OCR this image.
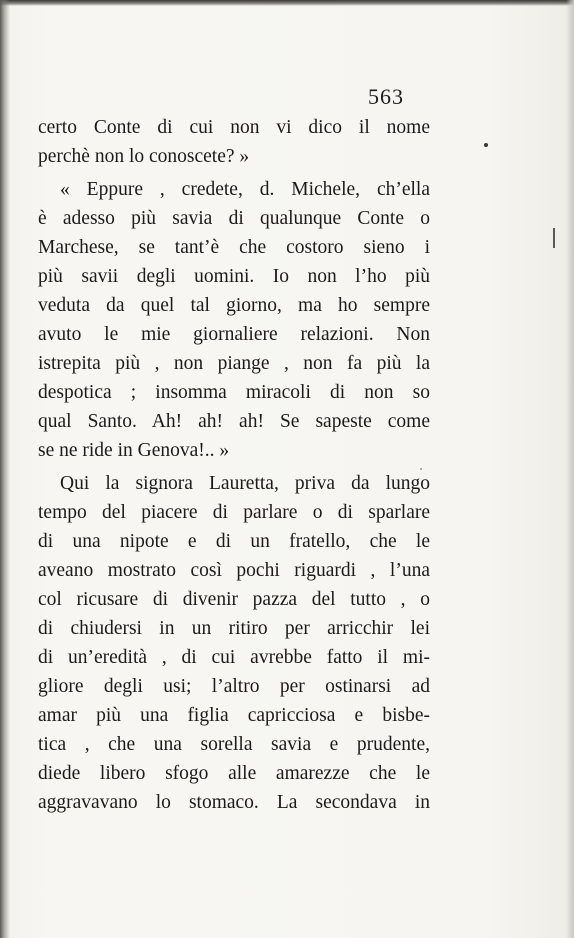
563
certo Conte di cui non vi dico il nome
perchè non lo conoscete? »
« Eppure , credete, d. Michele, ch’ella
è adesso più savia di qualunque Conte o
Marchese, se tant’è che costoro sieno i
più savii degli uomini. Io non l’ho più
veduta da quel tal giorno, ma ho sempre
avuto le mie giornaliere relazioni. Non
istrepita più , non piange , non fa più la
despotica ; insomma miracoli di non so
qual Santo. Ah! ah! ah! Se sapeste come
se ne ride in Genova!.. »
Qui la signora Lauretta, priva da lungo
tempo del piacere di parlare o di sparlare
di una nipote e di un fratello, che le
aveano mostrato così pochi riguardi , l’una
col ricusare di divenir pazza del tutto , o
di chiudersi in un ritiro per arricchir lei
di un’eredità , di cui avrebbe fatto il mi-
gliore degli usi; l’altro per ostinarsi ad
amar più una figlia capricciosa e bisbe-
tica , che una sorella savia e prudente,
diede libero sfogo alle amarezze che le
aggravavano lo stomaco. La secondava in
